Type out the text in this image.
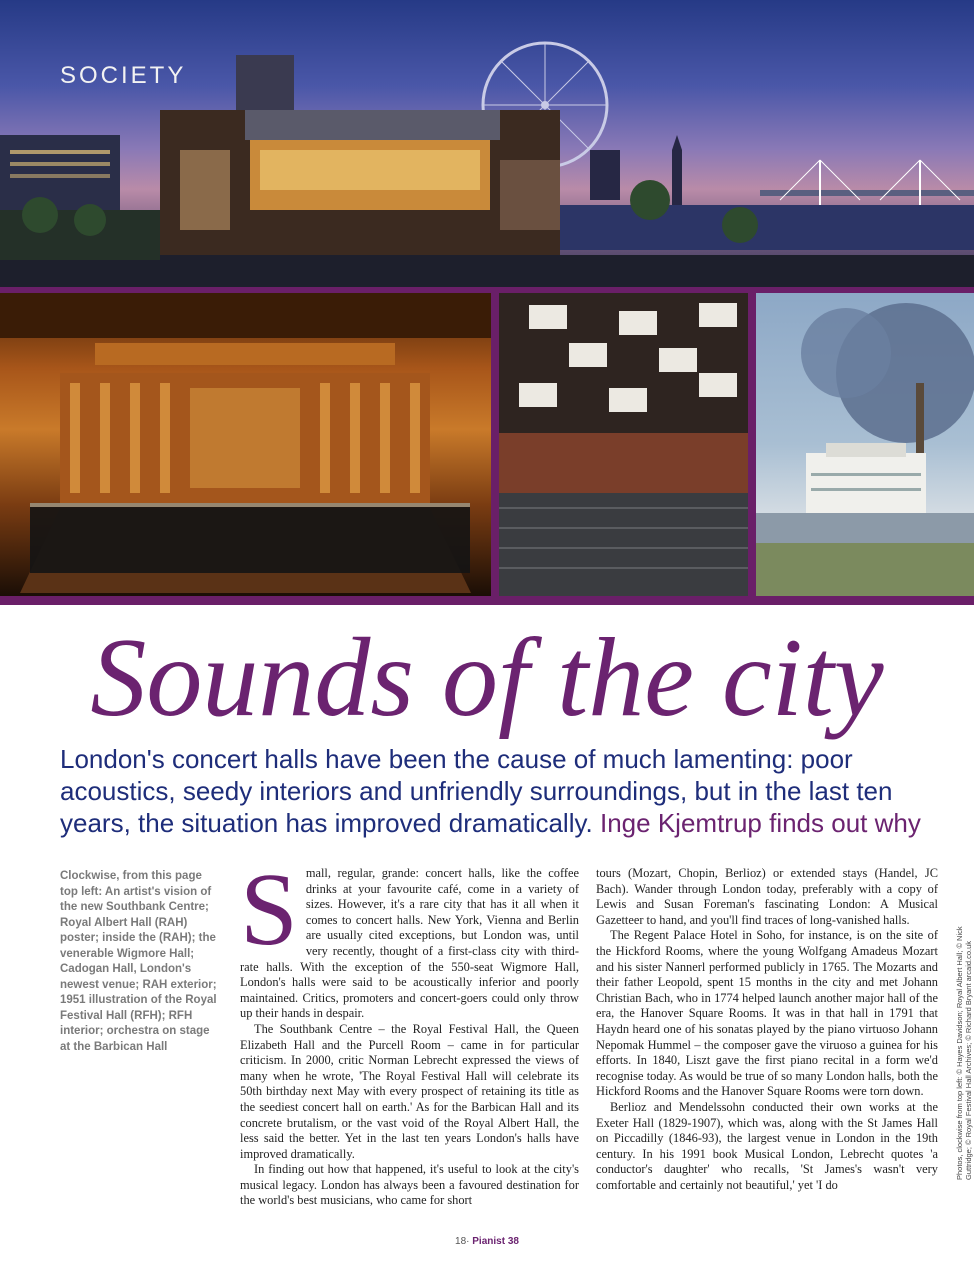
SOCIETY
Sounds of the city

London's concert halls have been the cause of much lamenting: poor acoustics, seedy interiors and unfriendly surroundings, but in the last ten years, the situation has improved dramatically. Inge Kjemtrup finds out why

Clockwise, from this page top left: An artist's vision of the new Southbank Centre; Royal Albert Hall (RAH) poster; inside the (RAH); the venerable Wigmore Hall; Cadogan Hall, London's newest venue; RAH exterior; 1951 illustration of the Royal Festival Hall (RFH); RFH interior; orchestra on stage at the Barbican Hall

S mall, regular, grande: concert halls, like the coffee drinks at your favourite café, come in a variety of sizes. However, it's a rare city that has it all when it comes to concert halls. New York, Vienna and Berlin are usually cited exceptions, but London was, until very recently, thought of a first-class city with third-rate halls. With the exception of the 550-seat Wigmore Hall, London's halls were said to be acoustically inferior and poorly maintained. Critics, promoters and concert-goers could only throw up their hands in despair.

The Southbank Centre – the Royal Festival Hall, the Queen Elizabeth Hall and the Purcell Room – came in for particular criticism. In 2000, critic Norman Lebrecht expressed the views of many when he wrote, 'The Royal Festival Hall will celebrate its 50th birthday next May with every prospect of retaining its title as the seediest concert hall on earth.' As for the Barbican Hall and its concrete brutalism, or the vast void of the Royal Albert Hall, the less said the better. Yet in the last ten years London's halls have improved dramatically.

In finding out how that happened, it's useful to look at the city's musical legacy. London has always been a favoured destination for the world's best musicians, who came for short

tours (Mozart, Chopin, Berlioz) or extended stays (Handel, JC Bach). Wander through London today, preferably with a copy of Lewis and Susan Foreman's fascinating London: A Musical Gazetteer to hand, and you'll find traces of long-vanished halls.

The Regent Palace Hotel in Soho, for instance, is on the site of the Hickford Rooms, where the young Wolfgang Amadeus Mozart and his sister Nannerl performed publicly in 1765. The Mozarts and their father Leopold, spent 15 months in the city and met Johann Christian Bach, who in 1774 helped launch another major hall of the era, the Hanover Square Rooms. It was in that hall in 1791 that Haydn heard one of his sonatas played by the piano virtuoso Johann Nepomak Hummel – the composer gave the viruoso a guinea for his efforts. In 1840, Liszt gave the first piano recital in a form we'd recognise today. As would be true of so many London halls, both the Hickford Rooms and the Hanover Square Rooms were torn down.

Berlioz and Mendelssohn conducted their own works at the Exeter Hall (1829-1907), which was, along with the St James Hall on Piccadilly (1846-93), the largest venue in London in the 19th century. In his 1991 book Musical London, Lebrecht quotes 'a conductor's daughter' who recalls, 'St James's wasn't very comfortable and certainly not beautiful,' yet 'I do

18· Pianist 38
Photos, clockwise from top left: © Hayes Davidson; Royal Albert Hall; © Nick Guttridge; © Royal Festival Hall Archives; © Richard Bryant arcaid.co.uk
